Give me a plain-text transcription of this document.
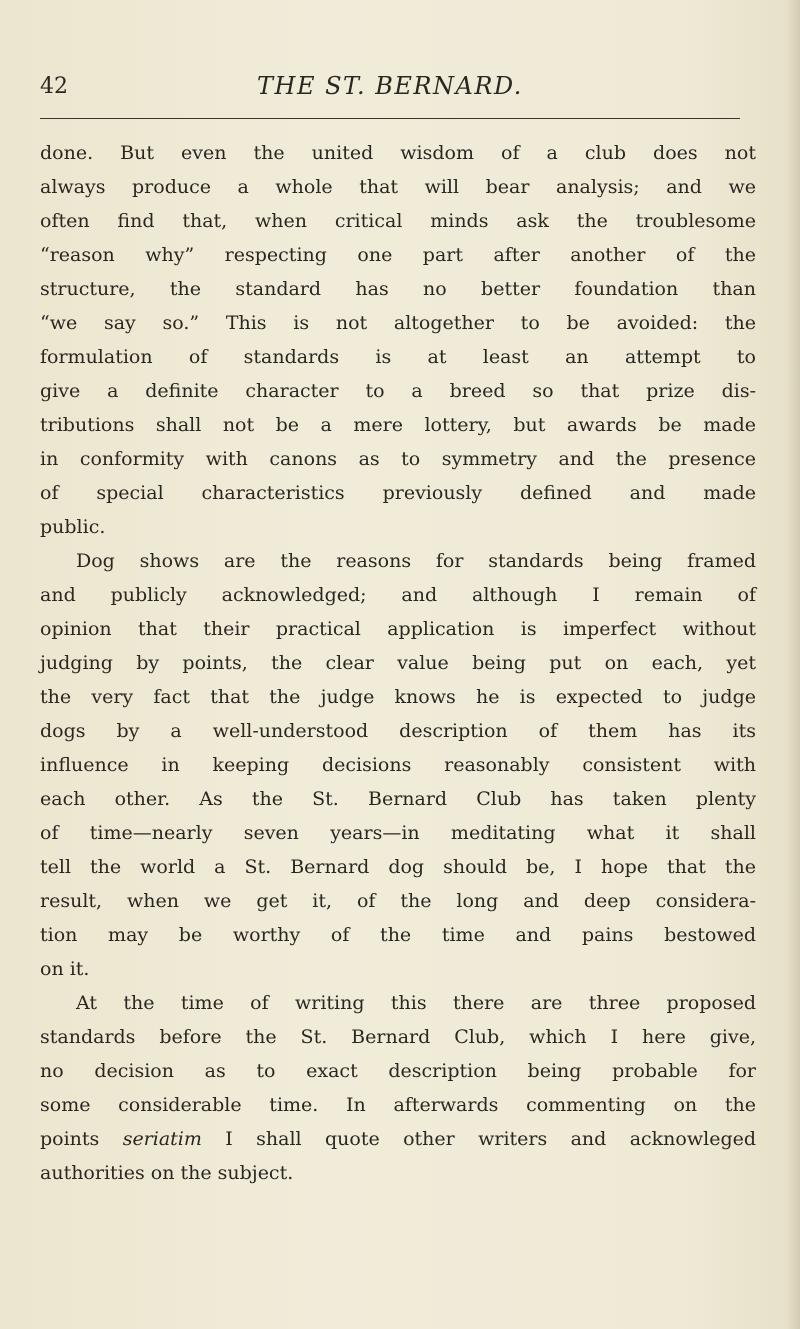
42	THE ST. BERNARD.
done. But even the united wisdom of a club does not
always produce a whole that will bear analysis; and we
often find that, when critical minds ask the troublesome
“reason why” respecting one part after another of the
structure, the standard has no better foundation than
“we say so.” This is not altogether to be avoided: the
formulation of standards is at least an attempt to
give a definite character to a breed so that prize dis-
tributions shall not be a mere lottery, but awards be made
in conformity with canons as to symmetry and the presence
of special characteristics previously defined and made
public.
Dog shows are the reasons for standards being framed
and publicly acknowledged; and although I remain of
opinion that their practical application is imperfect without
judging by points, the clear value being put on each, yet
the very fact that the judge knows he is expected to judge
dogs by a well-understood description of them has its
influence in keeping decisions reasonably consistent with
each other. As the St. Bernard Club has taken plenty
of time—nearly seven years—in meditating what it shall
tell the world a St. Bernard dog should be, I hope that the
result, when we get it, of the long and deep considera-
tion may be worthy of the time and pains bestowed
on it.
At the time of writing this there are three proposed
standards before the St. Bernard Club, which I here give,
no decision as to exact description being probable for
some considerable time. In afterwards commenting on the
points seriatim I shall quote other writers and acknowleged
authorities on the subject.
